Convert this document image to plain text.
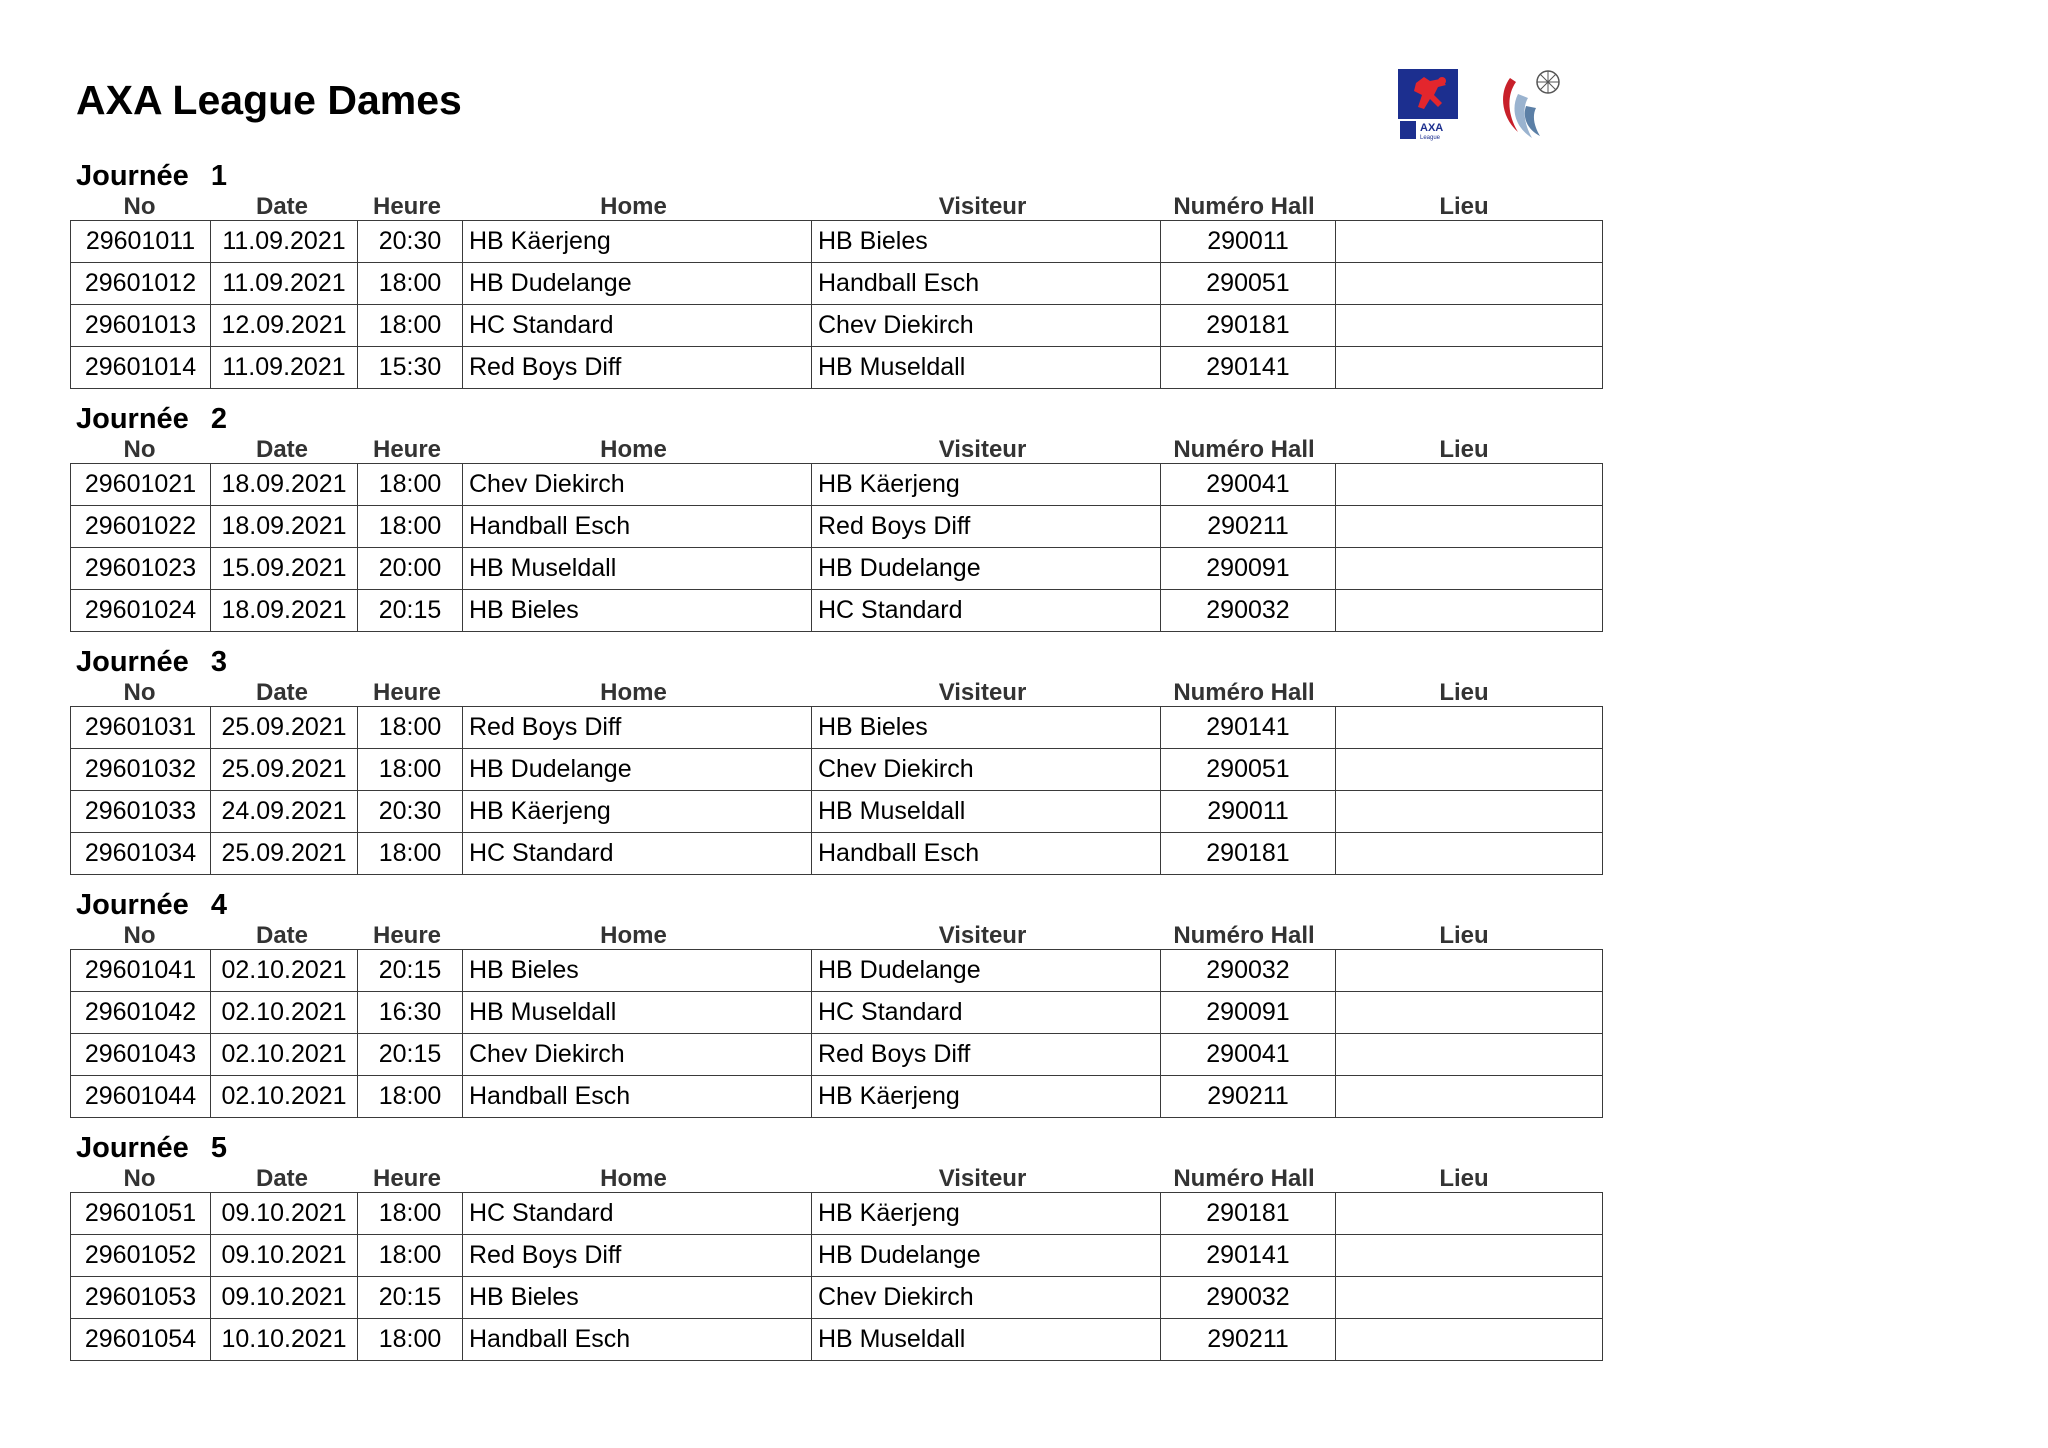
AXA League Dames
AXA
League
Journée 1
No	Date	Heure	Home	Visiteur	Numéro Hall	Lieu
29601011	11.09.2021	20:30	HB Käerjeng	HB Bieles	290011	
29601012	11.09.2021	18:00	HB Dudelange	Handball Esch	290051	
29601013	12.09.2021	18:00	HC Standard	Chev Diekirch	290181	
29601014	11.09.2021	15:30	Red Boys Diff	HB Museldall	290141	
Journée 2
No	Date	Heure	Home	Visiteur	Numéro Hall	Lieu
29601021	18.09.2021	18:00	Chev Diekirch	HB Käerjeng	290041	
29601022	18.09.2021	18:00	Handball Esch	Red Boys Diff	290211	
29601023	15.09.2021	20:00	HB Museldall	HB Dudelange	290091	
29601024	18.09.2021	20:15	HB Bieles	HC Standard	290032	
Journée 3
No	Date	Heure	Home	Visiteur	Numéro Hall	Lieu
29601031	25.09.2021	18:00	Red Boys Diff	HB Bieles	290141	
29601032	25.09.2021	18:00	HB Dudelange	Chev Diekirch	290051	
29601033	24.09.2021	20:30	HB Käerjeng	HB Museldall	290011	
29601034	25.09.2021	18:00	HC Standard	Handball Esch	290181	
Journée 4
No	Date	Heure	Home	Visiteur	Numéro Hall	Lieu
29601041	02.10.2021	20:15	HB Bieles	HB Dudelange	290032	
29601042	02.10.2021	16:30	HB Museldall	HC Standard	290091	
29601043	02.10.2021	20:15	Chev Diekirch	Red Boys Diff	290041	
29601044	02.10.2021	18:00	Handball Esch	HB Käerjeng	290211	
Journée 5
No	Date	Heure	Home	Visiteur	Numéro Hall	Lieu
29601051	09.10.2021	18:00	HC Standard	HB Käerjeng	290181	
29601052	09.10.2021	18:00	Red Boys Diff	HB Dudelange	290141	
29601053	09.10.2021	20:15	HB Bieles	Chev Diekirch	290032	
29601054	10.10.2021	18:00	Handball Esch	HB Museldall	290211	
